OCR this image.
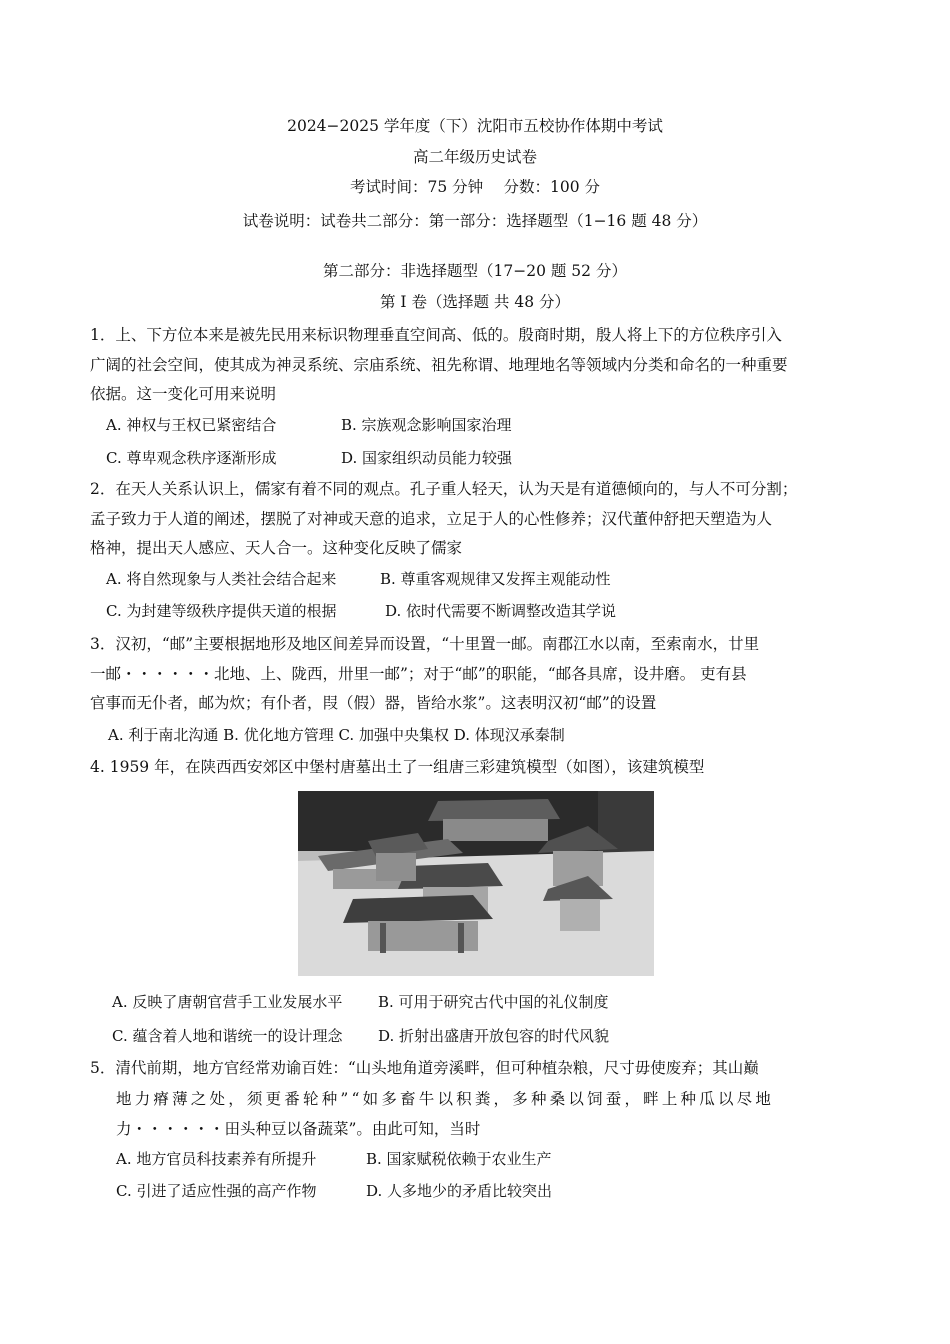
2024−2025 学年度（下）沈阳市五校协作体期中考试
高二年级历史试卷
考试时间：75 分钟　 分数：100 分
试卷说明：试卷共二部分：第一部分：选择题型（1−16 题 48 分）
第二部分：非选择题型（17−20 题 52 分）
第 I 卷（选择题 共 48 分）
1．上、下方位本来是被先民用来标识物理垂直空间高、低的。殷商时期，殷人将上下的方位秩序引入
广阔的社会空间，使其成为神灵系统、宗庙系统、祖先称谓、地理地名等领域内分类和命名的一种重要
依据。这一变化可用来说明
A. 神权与王权已紧密结合	B. 宗族观念影响国家治理
C. 尊卑观念秩序逐渐形成	D. 国家组织动员能力较强
2．在天人关系认识上，儒家有着不同的观点。孔子重人轻天，认为天是有道德倾向的，与人不可分割；
孟子致力于人道的阐述，摆脱了对神或天意的追求，立足于人的心性修养；汉代董仲舒把天塑造为人
格神，提出天人感应、天人合一。这种变化反映了儒家
A. 将自然现象与人类社会结合起来	B. 尊重客观规律又发挥主观能动性
C. 为封建等级秩序提供天道的根据	D. 依时代需要不断调整改造其学说
3．汉初，“邮”主要根据地形及地区间差异而设置，“十里置一邮。南郡江水以南，至索南水，廿里
一邮・・・・・・北地、上、陇西，卅里一邮”；对于“邮”的职能，“邮各具席，设井磨。 吏有县
官事而无仆者，邮为炊；有仆者，叚（假）器，皆给水浆”。这表明汉初“邮”的设置
A. 利于南北沟通 B. 优化地方管理 C. 加强中央集权 D. 体现汉承秦制
4. 1959 年，在陕西西安郊区中堡村唐墓出土了一组唐三彩建筑模型（如图），该建筑模型
A. 反映了唐朝官营手工业发展水平 B. 可用于研究古代中国的礼仪制度
C. 蕴含着人地和谐统一的设计理念 D. 折射出盛唐开放包容的时代风貌
5．清代前期，地方官经常劝谕百姓：“山头地角道旁溪畔，但可种植杂粮，尺寸毋使废弃；其山巅
地力瘠薄之处，须更番轮种”“如多畜牛以积粪，多种桑以饲蚕，畔上种瓜以尽地
力・・・・・・田头种豆以备蔬菜”。由此可知，当时
A. 地方官员科技素养有所提升	B. 国家赋税依赖于农业生产
C. 引进了适应性强的高产作物	D. 人多地少的矛盾比较突出
